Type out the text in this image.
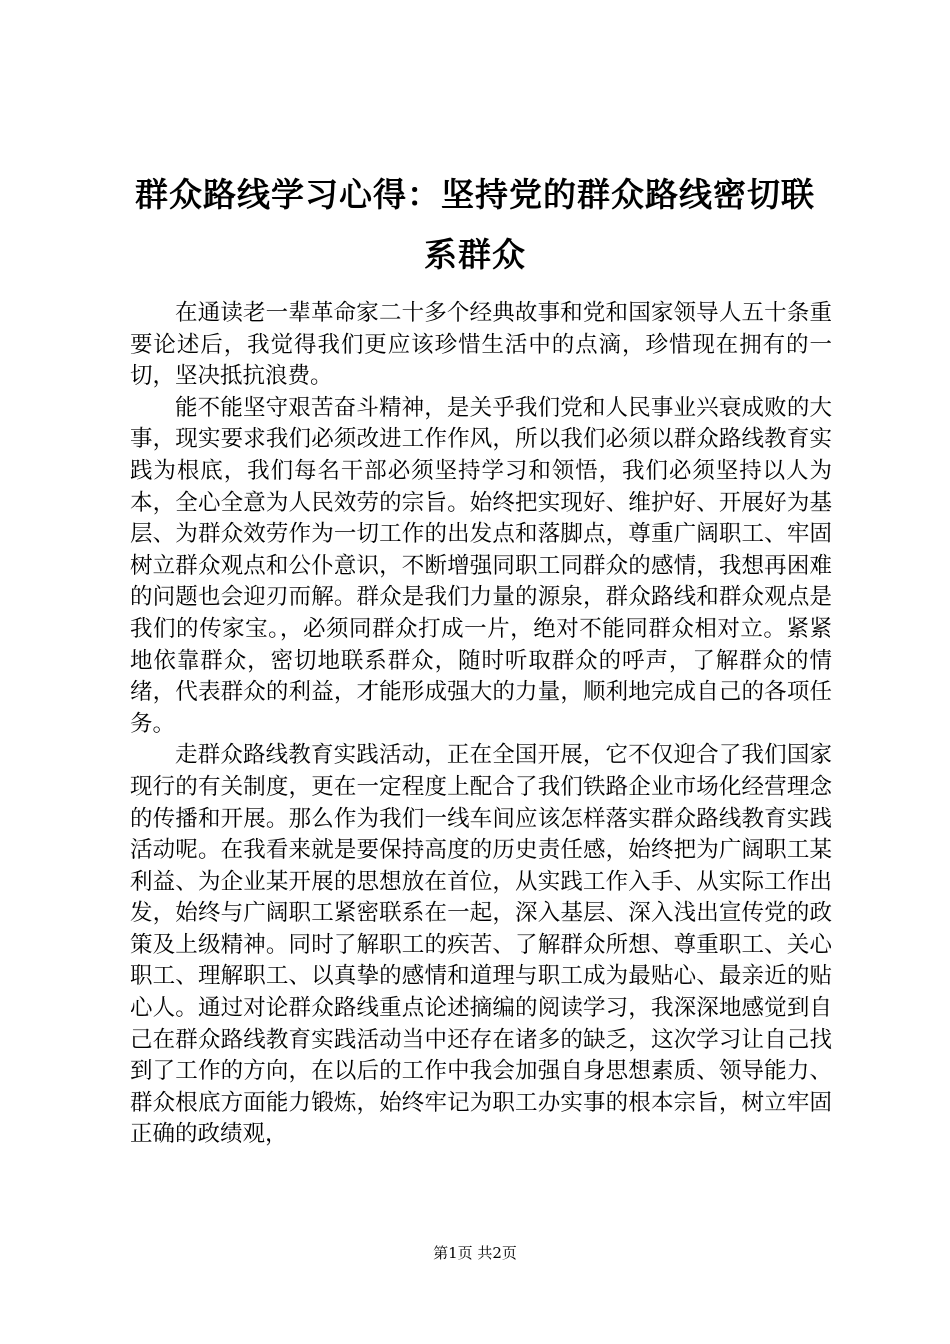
群众路线学习心得：坚持党的群众路线密切联系群众

在通读老一辈革命家二十多个经典故事和党和国家领导人五十条重要论述后，我觉得我们更应该珍惜生活中的点滴，珍惜现在拥有的一切，坚决抵抗浪费。

能不能坚守艰苦奋斗精神，是关乎我们党和人民事业兴衰成败的大事，现实要求我们必须改进工作作风，所以我们必须以群众路线教育实践为根底，我们每名干部必须坚持学习和领悟，我们必须坚持以人为本，全心全意为人民效劳的宗旨。始终把实现好、维护好、开展好为基层、为群众效劳作为一切工作的出发点和落脚点，尊重广阔职工、牢固树立群众观点和公仆意识，不断增强同职工同群众的感情，我想再困难的问题也会迎刃而解。群众是我们力量的源泉，群众路线和群众观点是我们的传家宝。，必须同群众打成一片，绝对不能同群众相对立。紧紧地依靠群众，密切地联系群众，随时听取群众的呼声，了解群众的情绪，代表群众的利益，才能形成强大的力量，顺利地完成自己的各项任务。

走群众路线教育实践活动，正在全国开展，它不仅迎合了我们国家现行的有关制度，更在一定程度上配合了我们铁路企业市场化经营理念的传播和开展。那么作为我们一线车间应该怎样落实群众路线教育实践活动呢。在我看来就是要保持高度的历史责任感，始终把为广阔职工某利益、为企业某开展的思想放在首位，从实践工作入手、从实际工作出发，始终与广阔职工紧密联系在一起，深入基层、深入浅出宣传党的政策及上级精神。同时了解职工的疾苦、了解群众所想、尊重职工、关心职工、理解职工、以真挚的感情和道理与职工成为最贴心、最亲近的贴心人。通过对论群众路线重点论述摘编的阅读学习，我深深地感觉到自己在群众路线教育实践活动当中还存在诸多的缺乏，这次学习让自己找到了工作的方向，在以后的工作中我会加强自身思想素质、领导能力、群众根底方面能力锻炼，始终牢记为职工办实事的根本宗旨，树立牢固正确的政绩观，

第1页 共2页
